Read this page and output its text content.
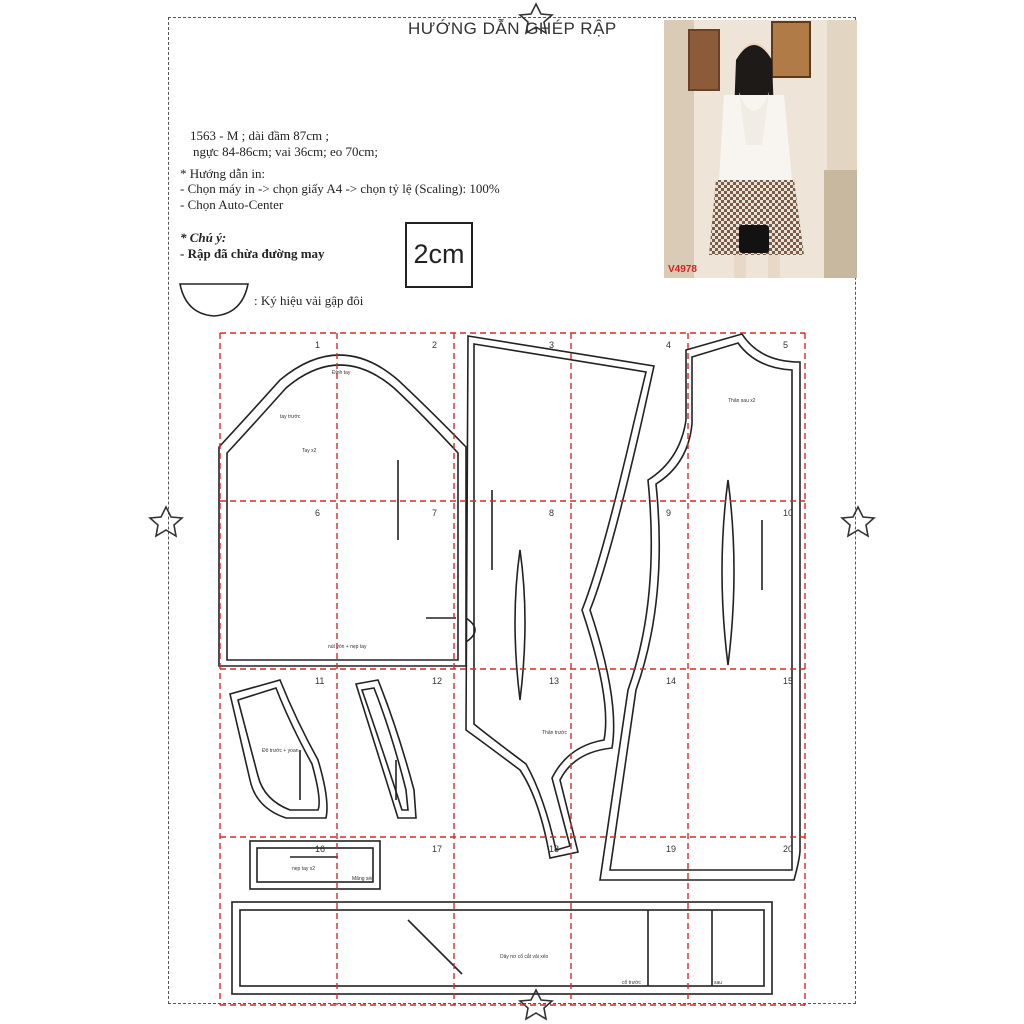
HƯỚNG DẪN GHÉP RẬP
V4978
1563 - M ; dài đầm 87cm ;
ngực 84-86cm; vai 36cm; eo 70cm;
* Hướng dẫn in:
- Chọn máy in -> chọn giấy A4 -> chọn tỷ lệ (Scaling): 100%
- Chọn Auto-Center
* Chú ý:
- Rập đã chừa đường may	2cm
: Ký hiệu vải gập đôi
Đỉnh tay
tay trước
Tay x2
nút vòn + nẹp tay
Thân sau x2
Thân trước
Đô trước + yoan
nẹp tay x2
Măng séc
Dây nơ cổ cắt vải xéo
cổ trước	sau
1	2	3	4	5
6	7	8	9	10
11	12	13	14	15
16	17	18	19	20
